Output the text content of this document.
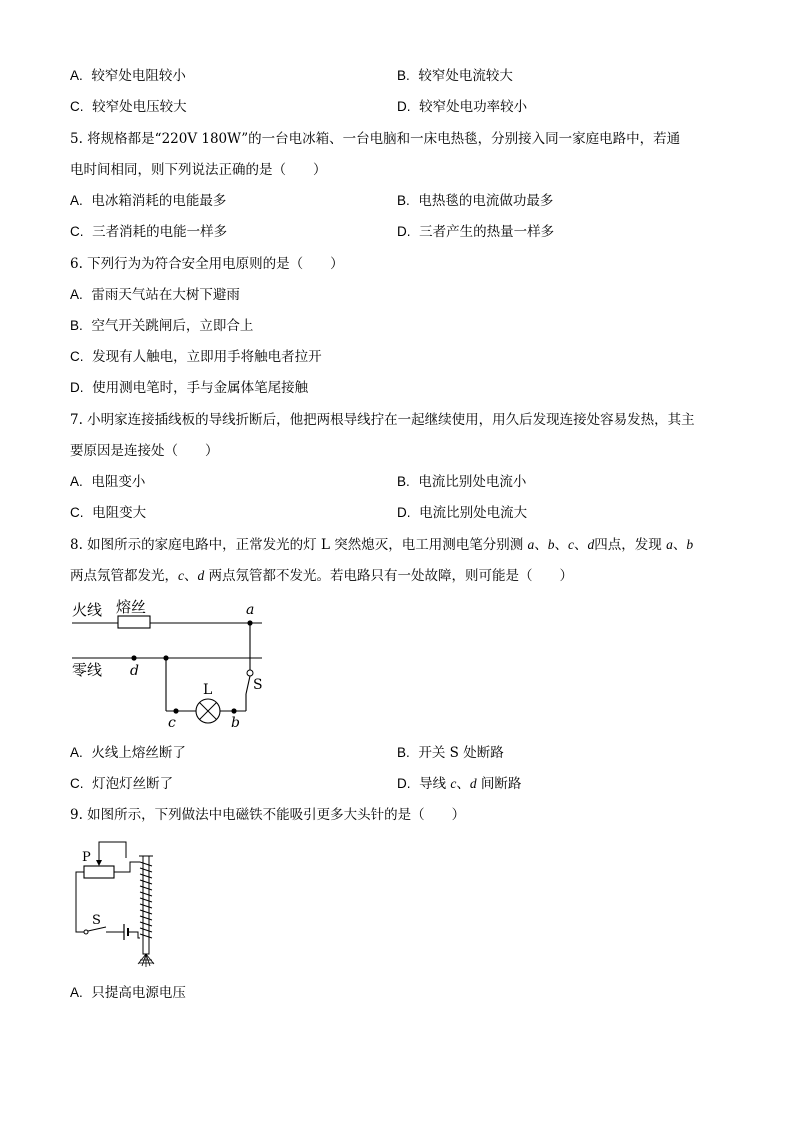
A. 较窄处电阻较小	B. 较窄处电流较大
C. 较窄处电压较大	D. 较窄处电功率较小
5. 将规格都是“220V 180W”的一台电冰箱、一台电脑和一床电热毯，分别接入同一家庭电路中，若通
电时间相同，则下列说法正确的是（　　）
A. 电冰箱消耗的电能最多	B. 电热毯的电流做功最多
C. 三者消耗的电能一样多	D. 三者产生的热量一样多
6. 下列行为为符合安全用电原则的是（　　）
A. 雷雨天气站在大树下避雨
B. 空气开关跳闸后，立即合上
C. 发现有人触电，立即用手将触电者拉开
D. 使用测电笔时，手与金属体笔尾接触
7. 小明家连接插线板的导线折断后，他把两根导线拧在一起继续使用，用久后发现连接处容易发热，其主
要原因是连接处（　　）
A. 电阻变小	B. 电流比别处电流小
C. 电阻变大	D. 电流比别处电流大
8. 如图所示的家庭电路中，正常发光的灯 L 突然熄灭，电工用测电笔分别测 a、b、c、d四点，发现 a、b
两点氖管都发光，c、d 两点氖管都不发光。若电路只有一处故障，则可能是（　　）
火线 熔丝
零线
a
S
d
L
c	b
A. 火线上熔丝断了	B. 开关 S 处断路
C. 灯泡灯丝断了	D. 导线 c、d 间断路
9. 如图所示，下列做法中电磁铁不能吸引更多大头针的是（　　）
P
S
A. 只提高电源电压
